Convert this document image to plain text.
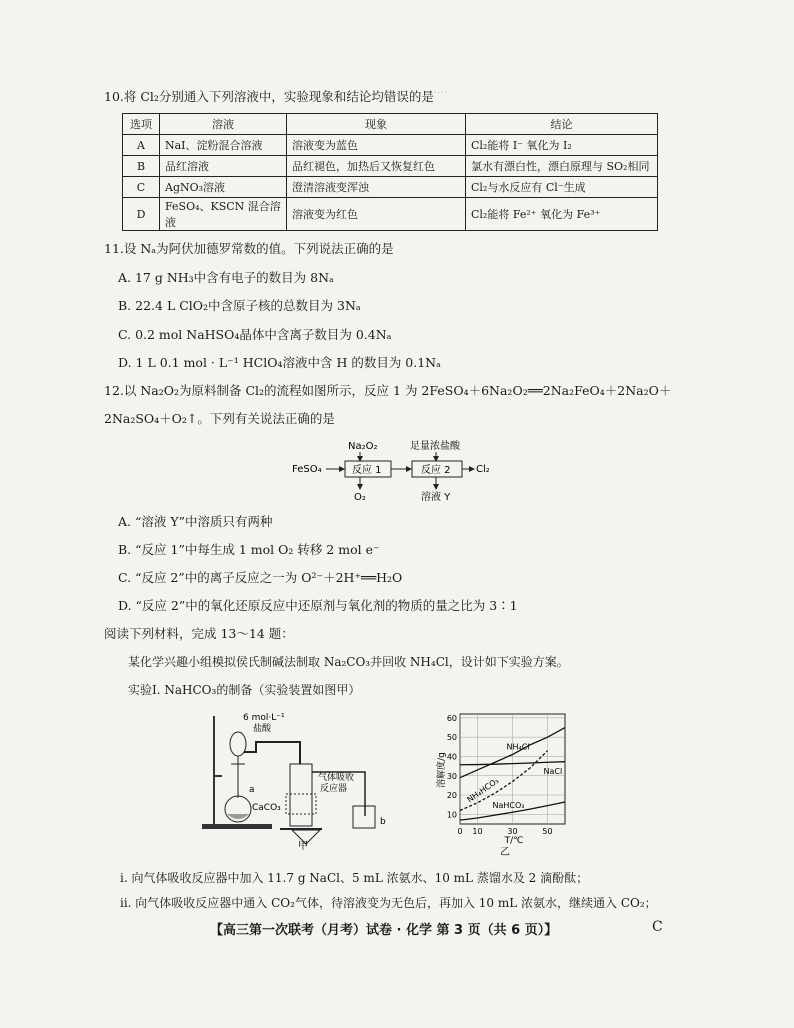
·····
10.将 Cl₂分别通入下列溶液中，实验现象和结论均错误的是
选项	溶液	现象	结论
A	NaI、淀粉混合溶液	溶液变为蓝色	Cl₂能将 I⁻ 氧化为 I₂
B	品红溶液	品红褪色，加热后又恢复红色	氯水有漂白性，漂白原理与 SO₂相同
C	AgNO₃溶液	澄清溶液变浑浊	Cl₂与水反应有 Cl⁻生成
D	FeSO₄、KSCN 混合溶液	溶液变为红色	Cl₂能将 Fe²⁺ 氧化为 Fe³⁺
11.设 Nₐ为阿伏加德罗常数的值。下列说法正确的是
A. 17 g NH₃中含有电子的数目为 8Nₐ
B. 22.4 L ClO₂中含原子核的总数目为 3Nₐ
C. 0.2 mol NaHSO₄晶体中含离子数目为 0.4Nₐ
D. 1 L 0.1 mol · L⁻¹ HClO₄溶液中含 H 的数目为 0.1Nₐ
12.以 Na₂O₂为原料制备 Cl₂的流程如图所示，反应 1 为 2FeSO₄＋6Na₂O₂══2Na₂FeO₄＋2Na₂O＋
2Na₂SO₄＋O₂↑。下列有关说法正确的是
FeSO₄
Na₂O₂
反应 1
O₂
足量浓盐酸
反应 2	Cl₂
溶液 Y
A. “溶液 Y”中溶质只有两种
B. “反应 1”中每生成 1 mol O₂ 转移 2 mol e⁻
C. “反应 2”中的离子反应之一为 O²⁻＋2H⁺══H₂O
D. “反应 2”中的氧化还原反应中还原剂与氧化剂的物质的量之比为 3∶1
阅读下列材料，完成 13～14 题：
某化学兴趣小组模拟侯氏制碱法制取 Na₂CO₃并回收 NH₄Cl，设计如下实验方案。
实验Ⅰ. NaHCO₃的制备（实验装置如图甲）
6 mol·L⁻¹
盐酸
a
CaCO₃
气体吸收
反应器
b
甲
10
20
30
40
50
60
0 10	30	50
NH₄Cl
NaCl
NH₄HCO₃
NaHCO₃
溶解度/g
T/℃
乙
ⅰ. 向气体吸收反应器中加入 11.7 g NaCl、5 mL 浓氨水、10 mL 蒸馏水及 2 滴酚酞；
ⅱ. 向气体吸收反应器中通入 CO₂气体，待溶液变为无色后，再加入 10 mL 浓氨水，继续通入 CO₂；
【高三第一次联考（月考）试卷 · 化学 第 3 页（共 6 页）】	C
